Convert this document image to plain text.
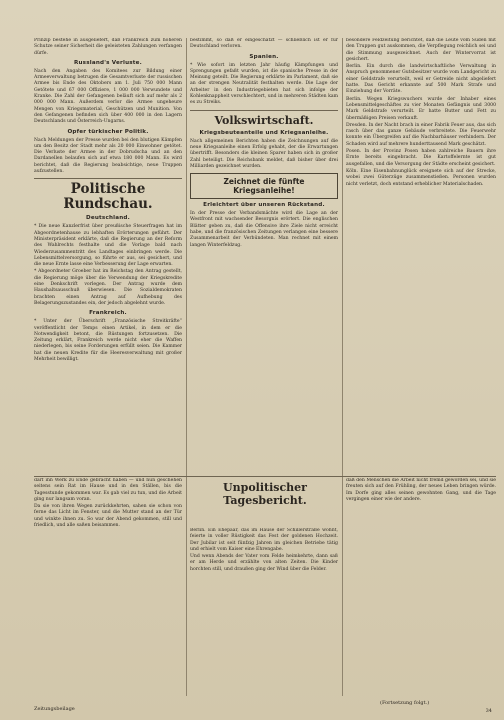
Prinzip bestehe in ausgeliefert, daß Frankreich zum höheren Schutze seiner Sicherheit die geleisteten Zahlungen verfangen dürfe.

Russland's Verluste.

Nach den Angaben des Komitees zur Bildung einer Armeeverwaltung betrugen die Gesamtverluste der russischen Armee bis Ende des Oktobers am 1. Juli 750 000 Mann Getötete und 67 000 Offiziere, 1 000 000 Verwundete und Kranke. Die Zahl der Gefangenen beläuft sich auf mehr als 2 000 000 Mann. Außerdem verlor die Armee ungeheure Mengen von Kriegsmaterial, Geschützen und Munition. Von den Gefangenen befinden sich über 400 000 in den Lagern Deutschlands und Österreich-Ungarns.

Opfer türkischer Politik.

Nach Meldungen der Presse wurden bei den blutigen Kämpfen um den Besitz der Stadt mehr als 20 000 Einwohner getötet. Die Verluste der Armee in der Dobrudscha und an den Dardanellen belaufen sich auf etwa 180 000 Mann. Es wird berichtet, daß die Regierung beabsichtige, neue Truppen aufzustellen.

Politische Rundschau.
Deutschland.

* Die neue Kanzlerfrist über preußische Steuerfragen hat im Abgeordnetenhause zu lebhaften Erörterungen geführt. Der Ministerpräsident erklärte, daß die Regierung an der Reform des Wahlrechts festhalte und die Vorlage bald nach Wiederzusammentritt des Landtages einbringen werde. Die Lebensmittelversorgung, so führte er aus, sei gesichert, und die neue Ernte lasse eine Verbesserung der Lage erwarten.

* Abgeordneter Groeber hat im Reichstag den Antrag gestellt, die Regierung möge über die Verwendung der Kriegskredite eine Denkschrift vorlegen. Der Antrag wurde dem Haushaltsausschuß überwiesen. Die Sozialdemokraten brachten einen Antrag auf Aufhebung des Belagerungszustandes ein, der jedoch abgelehnt wurde.

Frankreich.

* Unter der Überschrift „Französische Streitkräfte“ veröffentlicht der Temps einen Artikel, in dem er die Notwendigkeit betont, die Rüstungen fortzusetzen. Die Zeitung erklärt, Frankreich werde nicht eher die Waffen niederlegen, bis seine Forderungen erfüllt seien. Die Kammer hat die neuen Kredite für die Heeresverwaltung mit großer Mehrheit bewilligt.

bestimmt, so daß er eingeschätzt — schließlich ist er für Deutschland verloren.

Spanien.

* Wie sofort im letzten Jahr häufig Kämpfungen und Sprengungen gefaßt wurden, ist die spanische Presse in der Meinung geteilt. Die Regierung erklärte im Parlament, daß sie an der strengen Neutralität festhalten werde. Die Lage der Arbeiter in den Industriegebieten hat sich infolge der Kohlenknappheit verschlechtert, und in mehreren Städten kam es zu Streiks.

Volkswirtschaft.
Kriegsbeuteanteile und Kriegsanleihe.

Nach allgemeinen Berichten haben die Zeichnungen auf die neue Kriegsanleihe einen Erfolg gehabt, der die Erwartungen übertrifft. Besonders die kleinen Sparer haben sich in großer Zahl beteiligt. Die Reichsbank meldet, daß bisher über drei Milliarden gezeichnet wurden.

Zeichnet die fünfte Kriegsanleihe!
Erleichtert über unseren Rückstand.

In der Presse der Verbandsmächte wird die Lage an der Westfront mit wachsender Besorgnis erörtert. Die englischen Blätter geben zu, daß die Offensive ihre Ziele nicht erreicht habe, und die französischen Zeitungen verlangen eine bessere Zusammenarbeit der Verbündeten. Man rechnet mit einem langen Winterfeldzug.

besondere Feldzeitung berichtet, daß die Leute vom Süden mit den Truppen gut auskommen, die Verpflegung reichlich sei und die Stimmung ausgezeichnet. Auch der Wintervorrat ist gesichert.

Berlin. Ein durch die landwirtschaftliche Verwaltung in Anspruch genommener Gutsbesitzer wurde vom Landgericht zu einer Geldstrafe verurteilt, weil er Getreide nicht abgeliefert hatte. Das Gericht erkannte auf 500 Mark Strafe und Einziehung der Vorräte.

Berlin. Wegen Kriegswuchers wurde der Inhaber eines Lebensmittelgeschäftes zu vier Monaten Gefängnis und 3000 Mark Geldstrafe verurteilt. Er hatte Butter und Fett zu übermäßigen Preisen verkauft.

Dresden. In der Nacht brach in einer Fabrik Feuer aus, das sich rasch über das ganze Gebäude verbreitete. Die Feuerwehr konnte ein Übergreifen auf die Nachbarhäuser verhindern. Der Schaden wird auf mehrere hunderttausend Mark geschätzt.

Posen. In der Provinz Posen haben zahlreiche Bauern ihre Ernte bereits eingebracht. Die Kartoffelernte ist gut ausgefallen, und die Versorgung der Städte erscheint gesichert.

Köln. Eine Eisenbahnunglück ereignete sich auf der Strecke, wobei zwei Güterzüge zusammenstießen. Personen wurden nicht verletzt, doch entstand erheblicher Materialschaden.

darf ihn Werk zu Ende gebracht haben — und nun geschehen seitens sein Rat im Hause und in den Ställen, bis die Tagesstunde gekommen war. Es gab viel zu tun, und die Arbeit ging nur langsam voran.

Da sie von ihren Wegen zurückkehrten, sahen sie schon von ferne das Licht im Fenster, und die Mutter stand an der Tür und winkte ihnen zu. So war der Abend gekommen, still und friedlich, und alle saßen beisammen.

Unpolitischer Tagesbericht.

Berlin. Ein Ehepaar, das im Hause der Schillerstraße wohnt, feierte in voller Rüstigkeit das Fest der goldenen Hochzeit. Der Jubilar ist seit fünfzig Jahren im gleichen Betriebe tätig und erhielt vom Kaiser eine Ehrengabe.

Und wenn Abends der Vater vom Felde heimkehrte, dann saß er am Herde und erzählte von alten Zeiten. Die Kinder horchten still, und draußen ging der Wind über die Felder.

daß den Menschen die Arbeit nicht fremd geworden sei, und sie freuten sich auf den Frühling, der neues Leben bringen würde. Im Dorfe ging alles seinen gewohnten Gang, und die Tage vergingen einer wie der andere.

(Fortsetzung folgt.)
Zeitungsbeilage	34
